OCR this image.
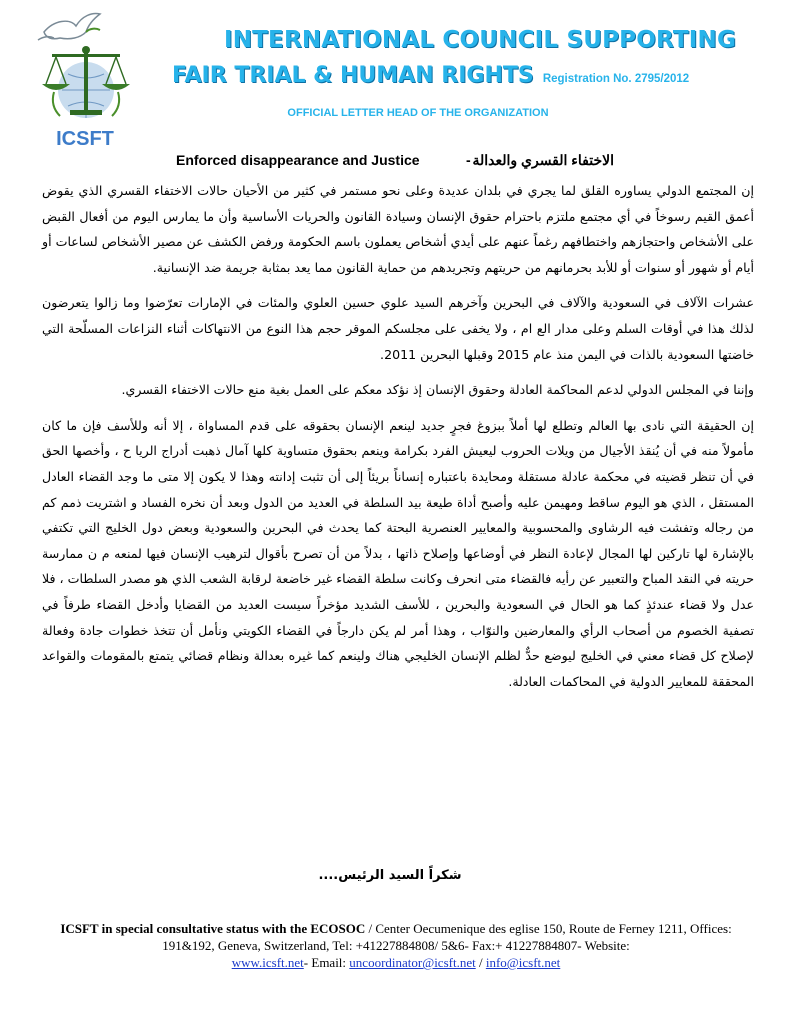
ICSFT
INTERNATIONAL COUNCIL SUPPORTING
FAIR TRIAL & HUMAN RIGHTS Registration No. 2795/2012
OFFICIAL LETTER HEAD OF THE ORGANIZATION
Enforced disappearance and Justice	- الاختفاء القسري والعدالة

إن المجتمع الدولي يساوره القلق لما يجري في بلدان عديدة وعلى نحو مستمر في كثير من الأحيان حالات الاختفاء القسري الذي يقوض أعمق القيم رسوخاً في أي مجتمع ملتزم باحترام حقوق الإنسان وسيادة القانون والحريات الأساسية وأن ما يمارس اليوم من أفعال القبض على الأشخاص واحتجازهم واختطافهم رغماً عنهم على أيدي أشخاص يعملون باسم الحكومة ورفض الكشف عن مصير الأشخاص لساعات أو أيام أو شهور أو سنوات أو للأبد بحرمانهم من حريتهم وتجريدهم من حماية القانون مما يعد بمثابة جريمة ضد الإنسانية.

عشرات الآلاف في السعودية والآلاف في البحرين وآخرهم السيد علوي حسين العلوي والمئات في الإمارات تعرّضوا وما زالوا يتعرضون لذلك هذا في أوقات السلم وعلى مدار الع ام ، ولا يخفى على مجلسكم الموقر حجم هذا النوع من الانتهاكات أثناء النزاعات المسلّحة التي خاضتها السعودية بالذات في اليمن منذ عام 2015 وقبلها البحرين 2011.

وإننا في المجلس الدولي لدعم المحاكمة العادلة وحقوق الإنسان إذ نؤكد معكم على العمل بغية منع حالات الاختفاء القسري.

إن الحقيقة التي نادى بها العالم وتطلع لها أملاً ببزوغ فجرٍ جديد لينعم الإنسان بحقوقه على قدم المساواة ، إلا أنه وللأسف فإن ما كان مأمولاً منه في أن يُنقذ الأجيال من ويلات الحروب ليعيش الفرد بكرامة وينعم بحقوق متساوية كلها آمال ذهبت أدراج الريا ح ، وأخصها الحق في أن تنظر قضيته في محكمة عادلة مستقلة ومحايدة باعتباره إنساناً بريئاً إلى أن تثبت إدانته وهذا لا يكون إلا متى ما وجد القضاء العادل المستقل ، الذي هو اليوم ساقط ومهيمن عليه وأصبح أداة طيعة بيد السلطة في العديد من الدول وبعد أن نخره الفساد و اشتريت ذمم كم من رجاله وتفشت فيه الرشاوى والمحسوبية والمعايير العنصرية البحتة كما يحدث في البحرين والسعودية وبعض دول الخليج التي تكتفي بالإشارة لها تاركين لها المجال لإعادة النظر في أوضاعها وإصلاح ذاتها ، بدلاً من أن تصرح بأقوال لترهيب الإنسان فيها لمنعه م ن ممارسة حريته في النقد المباح والتعبير عن رأيه فالقضاء متى انحرف وكانت سلطة القضاء غير خاضعة لرقابة الشعب الذي هو مصدر السلطات ، فلا عدل ولا قضاء عندئذٍ كما هو الحال في السعودية والبحرين ، للأسف الشديد مؤخراً سيست العديد من القضايا وأدخل القضاء طرفاً في تصفية الخصوم من أصحاب الرأي والمعارضين والنوّاب ، وهذا أمر لم يكن دارجاً في القضاء الكويتي ونأمل أن تتخذ خطوات جادة وفعالة لإصلاح كل قضاء معني في الخليج ليوضع حدٌّ لظلم الإنسان الخليجي هناك ولينعم كما غيره بعدالة ونظام قضائي يتمتع بالمقومات والقواعد المحققة للمعايير الدولية في المحاكمات العادلة.

شكراً السيد الرئيس....
ICSFT in special consultative status with the ECOSOC / Center Oecumenique des eglise 150, Route de Ferney 1211, Offices: 191&192, Geneva, Switzerland, Tel: +41227884808/ 5&6- Fax:+ 41227884807- Website:
www.icsft.net- Email: uncoordinator@icsft.net / info@icsft.net
